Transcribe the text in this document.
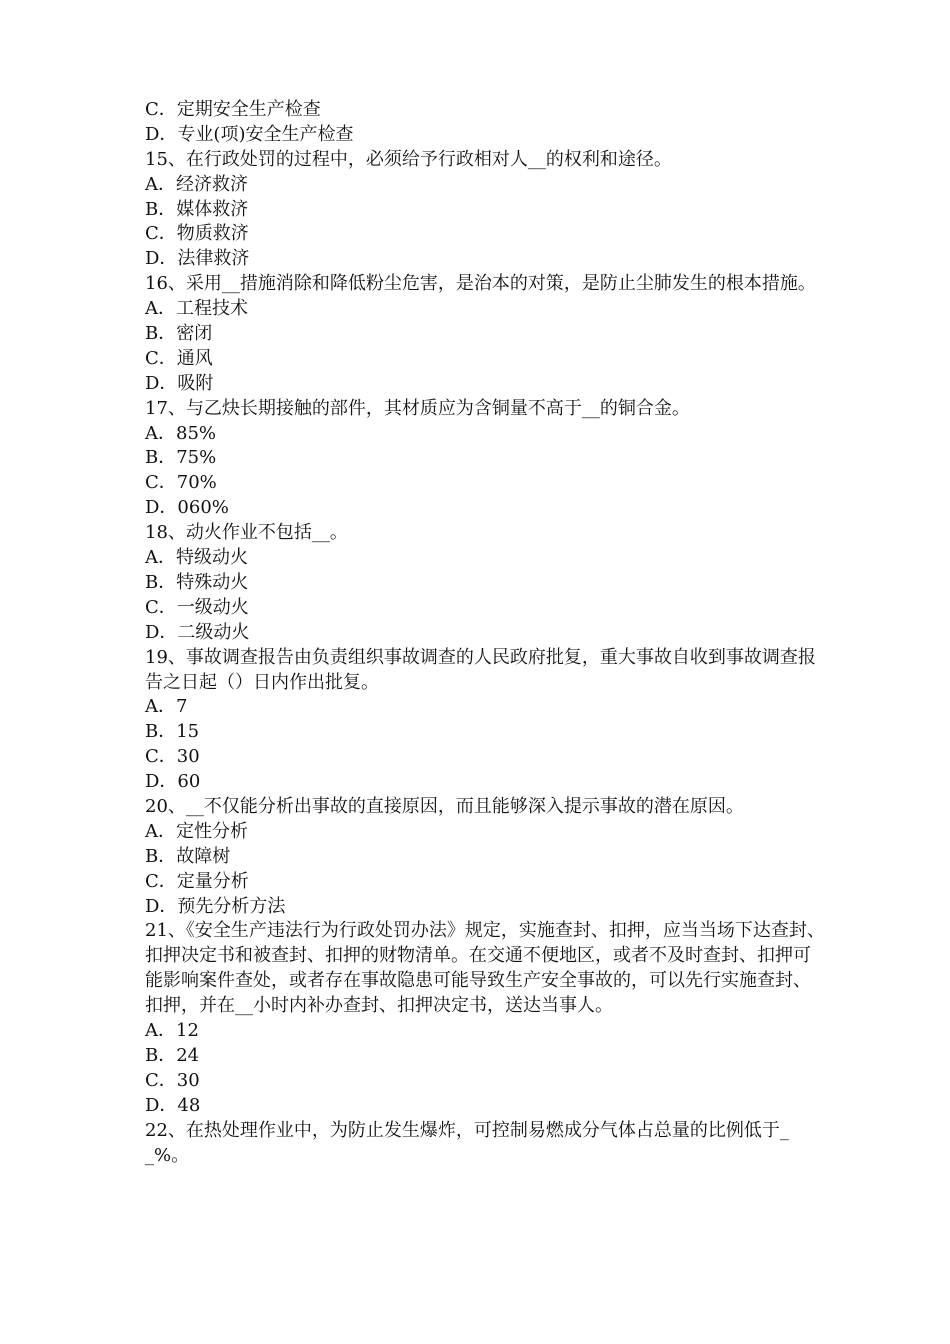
C．定期安全生产检查
D．专业(项)安全生产检查
15、在行政处罚的过程中，必须给予行政相对人__的权利和途径。
A．经济救济
B．媒体救济
C．物质救济
D．法律救济
16、采用__措施消除和降低粉尘危害，是治本的对策，是防止尘肺发生的根本措施。
A．工程技术
B．密闭
C．通风
D．吸附
17、与乙炔长期接触的部件，其材质应为含铜量不高于__的铜合金。
A．85%
B．75%
C．70%
D．060%
18、动火作业不包括__。
A．特级动火
B．特殊动火
C．一级动火
D．二级动火
19、事故调查报告由负责组织事故调查的人民政府批复，重大事故自收到事故调查报告之日起（）日内作出批复。
A．7
B．15
C．30
D．60
20、__不仅能分析出事故的直接原因，而且能够深入提示事故的潜在原因。
A．定性分析
B．故障树
C．定量分析
D．预先分析方法
21、《安全生产违法行为行政处罚办法》规定，实施查封、扣押，应当当场下达查封、扣押决定书和被查封、扣押的财物清单。在交通不便地区，或者不及时查封、扣押可能影响案件查处，或者存在事故隐患可能导致生产安全事故的，可以先行实施查封、扣押，并在__小时内补办查封、扣押决定书，送达当事人。
A．12
B．24
C．30
D．48
22、在热处理作业中，为防止发生爆炸，可控制易燃成分气体占总量的比例低于__%。
